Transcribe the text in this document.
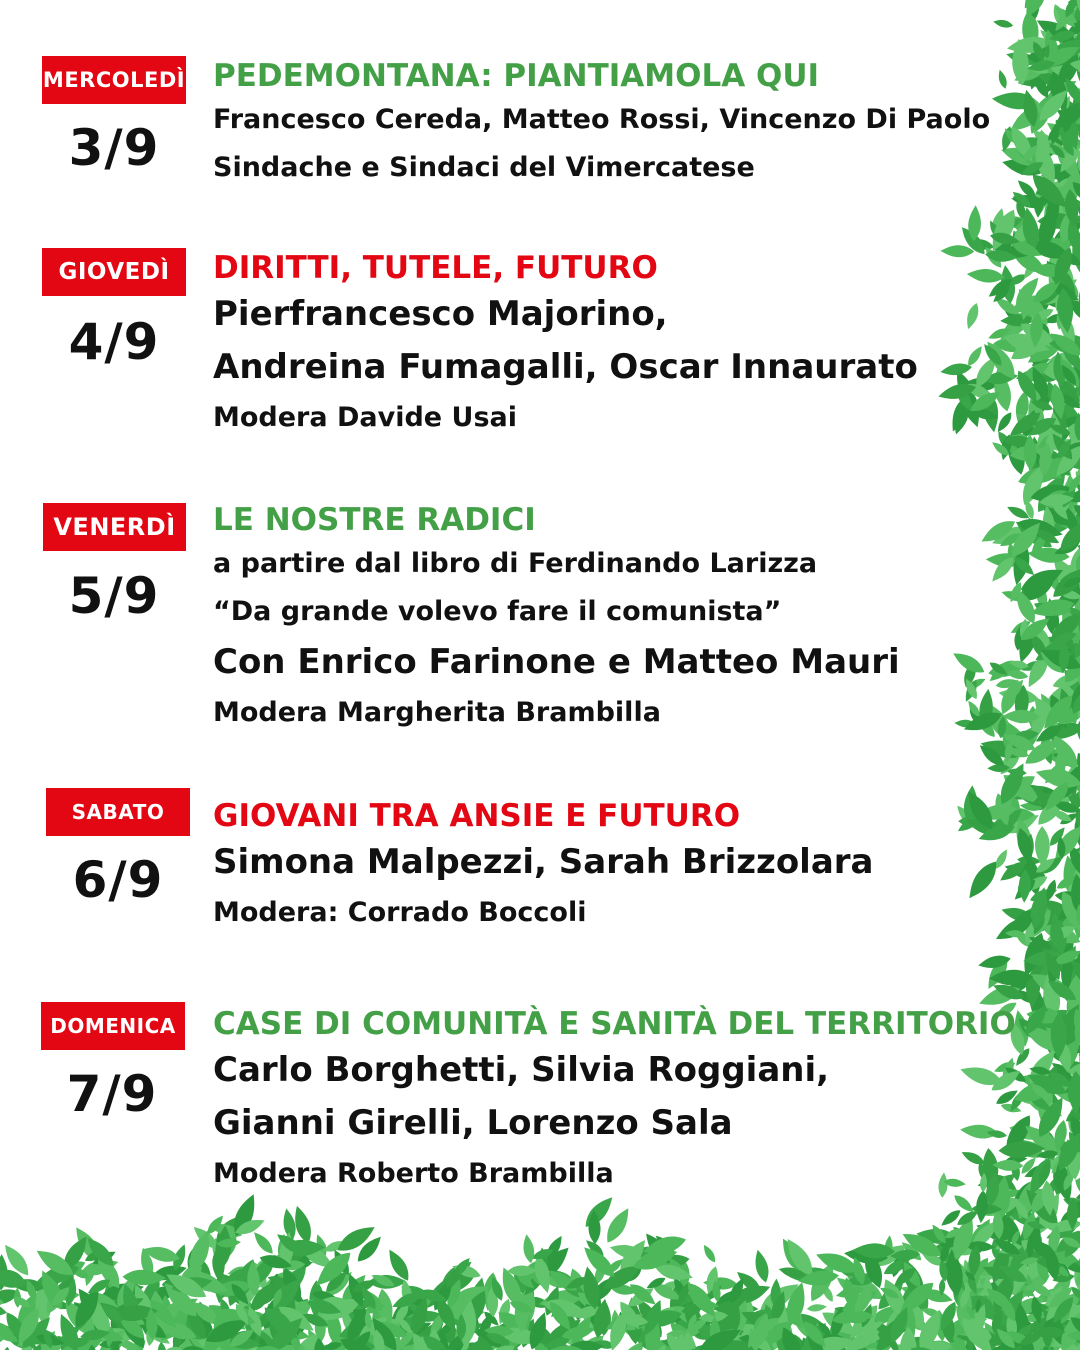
MERCOLEDÌ
3/9
PEDEMONTANA: PIANTIAMOLA QUI
Francesco Cereda, Matteo Rossi, Vincenzo Di Paolo
Sindache e Sindaci del Vimercatese
GIOVEDÌ
4/9
DIRITTI, TUTELE, FUTURO
Pierfrancesco Majorino,
Andreina Fumagalli, Oscar Innaurato
Modera Davide Usai
VENERDÌ
5/9
LE NOSTRE RADICI
a partire dal libro di Ferdinando Larizza
“Da grande volevo fare il comunista”
Con Enrico Farinone e Matteo Mauri
Modera Margherita Brambilla
SABATO
6/9
GIOVANI TRA ANSIE E FUTURO
Simona Malpezzi, Sarah Brizzolara
Modera: Corrado Boccoli
DOMENICA
7/9
CASE DI COMUNITÀ E SANITÀ DEL TERRITORIO
Carlo Borghetti, Silvia Roggiani,
Gianni Girelli, Lorenzo Sala
Modera Roberto Brambilla
